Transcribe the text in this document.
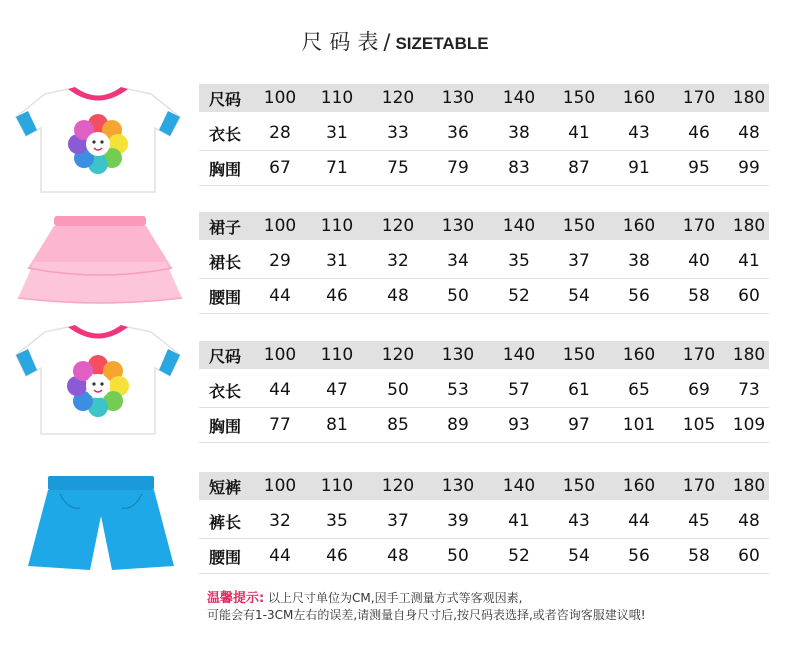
尺码表/ SIZETABLE
尺码	100	110	120	130	140	150	160	170	180
衣长	28	31	33	36	38	41	43	46	48
胸围	67	71	75	79	83	87	91	95	99
裙子	100	110	120	130	140	150	160	170	180
裙长	29	31	32	34	35	37	38	40	41
腰围	44	46	48	50	52	54	56	58	60
尺码	100	110	120	130	140	150	160	170	180
衣长	44	47	50	53	57	61	65	69	73
胸围	77	81	85	89	93	97	101	105	109
短裤	100	110	120	130	140	150	160	170	180
裤长	32	35	37	39	41	43	44	45	48
腰围	44	46	48	50	52	54	56	58	60
温馨提示: 以上尺寸单位为CM,因手工测量方式等客观因素,
可能会有1-3CM左右的误差,请测量自身尺寸后,按尺码表选择,或者咨询客服建议哦!
